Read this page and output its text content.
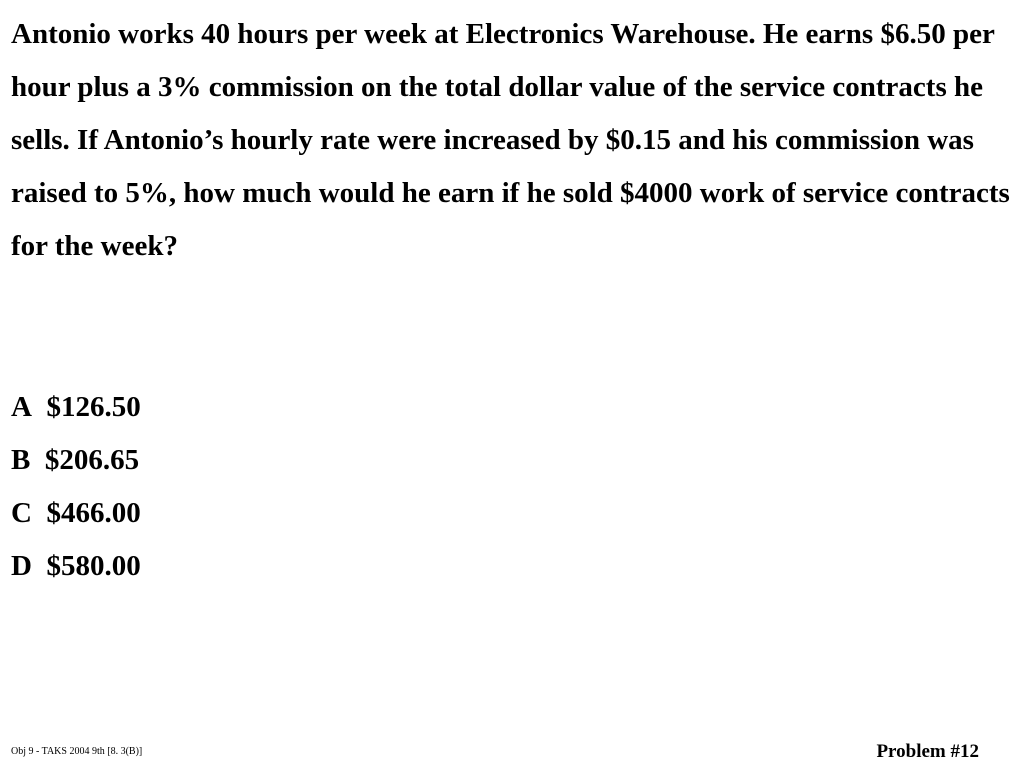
Antonio works 40 hours per week at Electronics Warehouse. He earns $6.50 per hour plus a 3% commission on the total dollar value of the service contracts he sells. If Antonio’s hourly rate were increased by $0.15 and his commission was raised to 5%, how much would he earn if he sold $4000 work of service contracts for the week?

A
$126.50
B
$206.65
C
$466.00
D
$580.00
Obj 9 - TAKS 2004 9th [8. 3(B)]	Problem #12
